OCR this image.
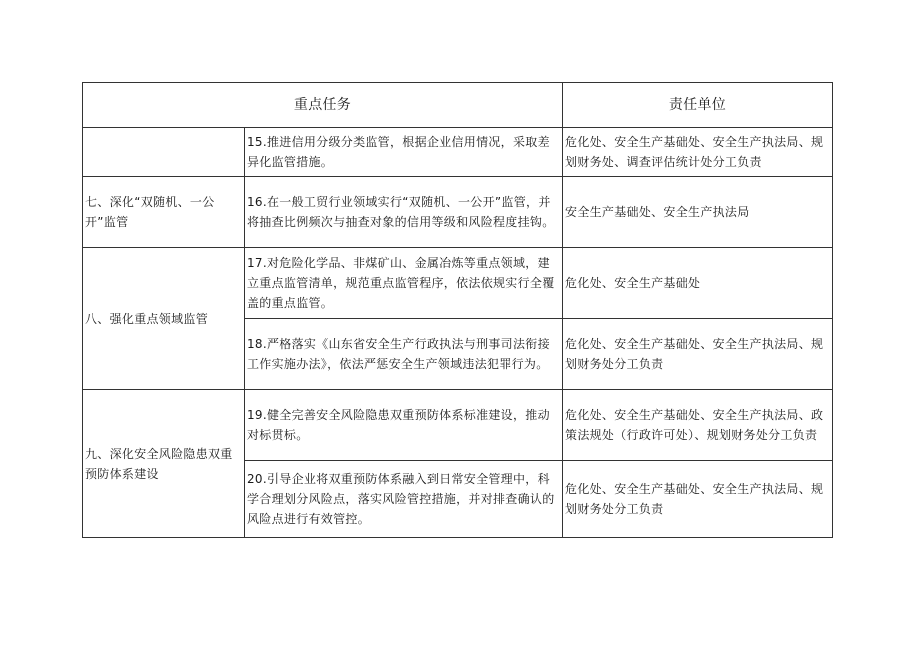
重点任务		责任单位
	15.推进信用分级分类监管，根据企业信用情况，采取差异化监管措施。	危化处、安全生产基础处、安全生产执法局、规划财务处、调查评估统计处分工负责
七、深化“双随机、一公开”监管	16.在一般工贸行业领域实行“双随机、一公开”监管，并将抽查比例频次与抽查对象的信用等级和风险程度挂钩。	安全生产基础处、安全生产执法局
八、强化重点领域监管	17.对危险化学品、非煤矿山、金属冶炼等重点领域，建立重点监管清单，规范重点监管程序，依法依规实行全覆盖的重点监管。	危化处、安全生产基础处
	18.严格落实《山东省安全生产行政执法与刑事司法衔接工作实施办法》，依法严惩安全生产领域违法犯罪行为。	危化处、安全生产基础处、安全生产执法局、规划财务处分工负责
九、深化安全风险隐患双重预防体系建设	19.健全完善安全风险隐患双重预防体系标准建设，推动对标贯标。	危化处、安全生产基础处、安全生产执法局、政策法规处（行政许可处）、规划财务处分工负责
	20.引导企业将双重预防体系融入到日常安全管理中，科学合理划分风险点，落实风险管控措施，并对排查确认的风险点进行有效管控。	危化处、安全生产基础处、安全生产执法局、规划财务处分工负责
